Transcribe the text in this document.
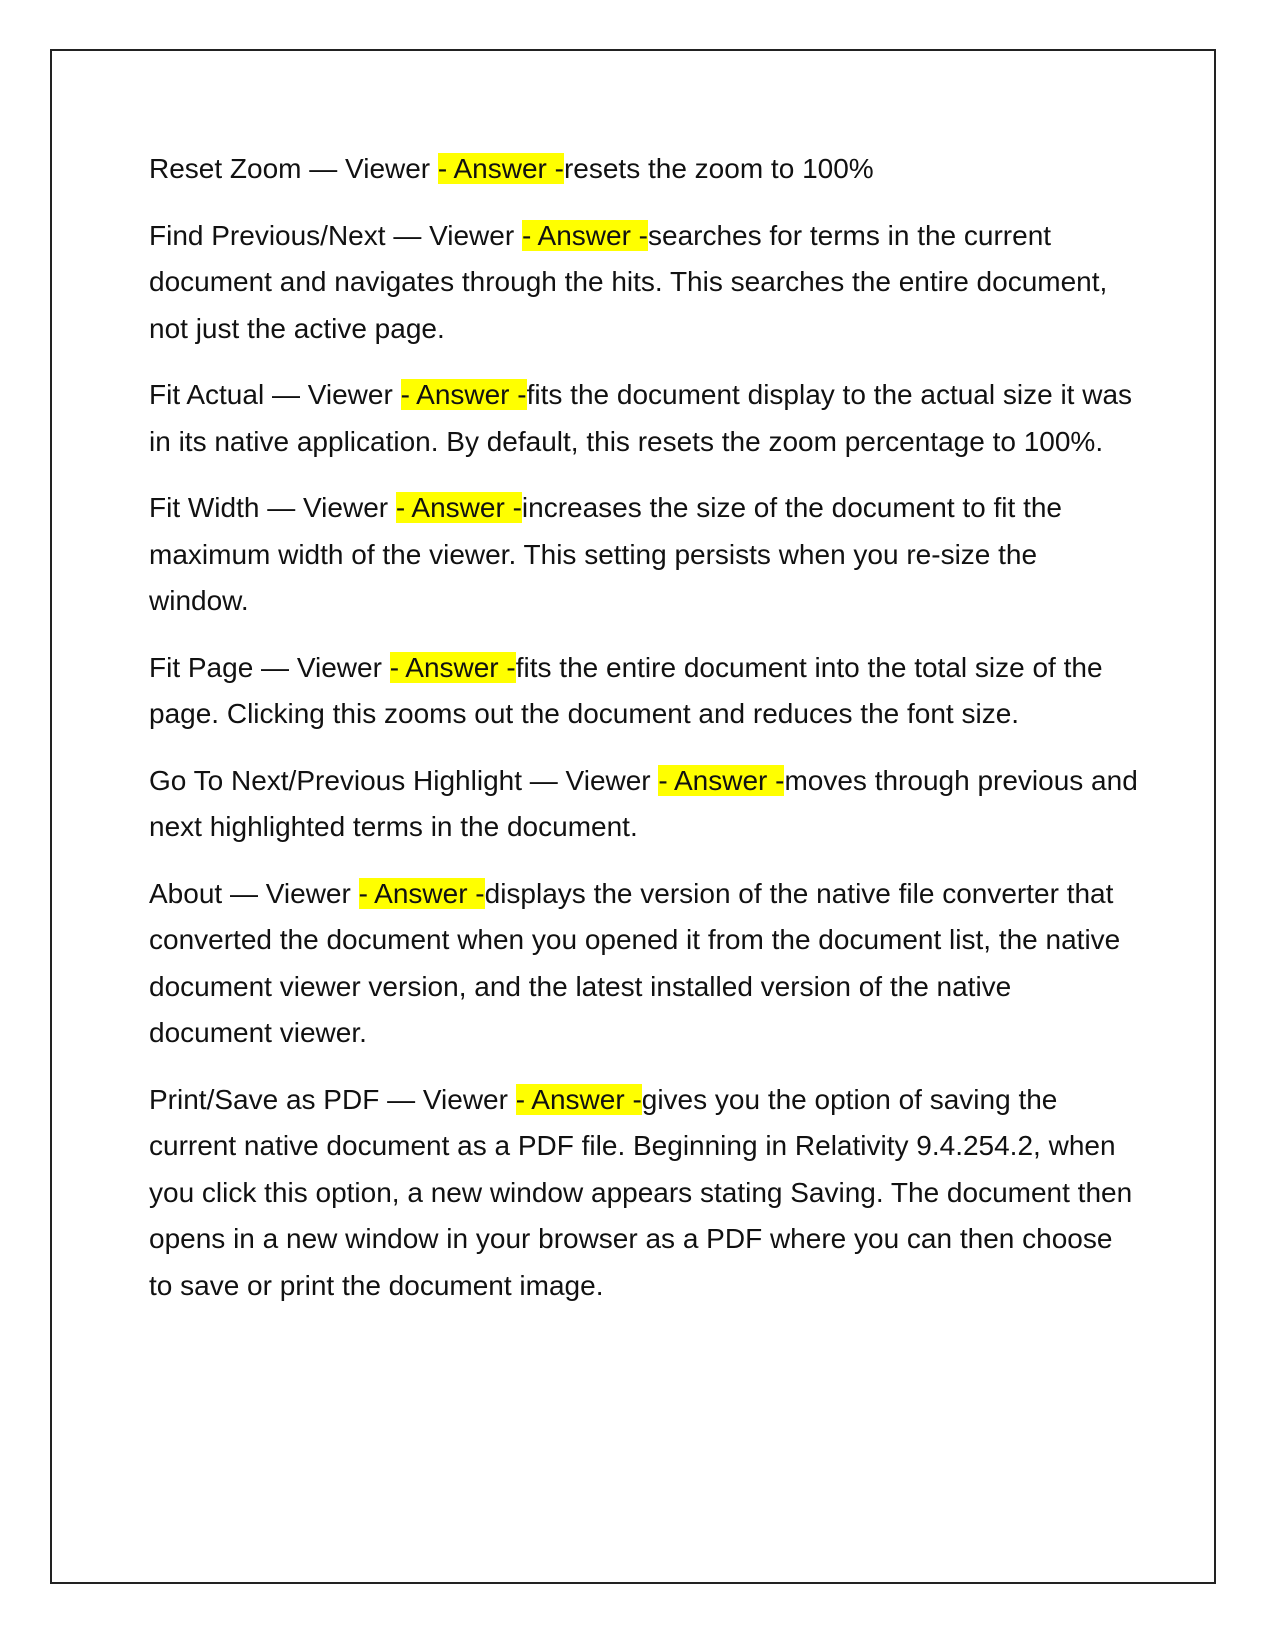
Reset Zoom — Viewer - Answer -resets the zoom to 100%

Find Previous/Next — Viewer - Answer -searches for terms in the current document and navigates through the hits. This searches the entire document, not just the active page.

Fit Actual — Viewer - Answer -fits the document display to the actual size it was in its native application. By default, this resets the zoom percentage to 100%.

Fit Width — Viewer - Answer -increases the size of the document to fit the maximum width of the viewer. This setting persists when you re-size the window.

Fit Page — Viewer - Answer -fits the entire document into the total size of the page. Clicking this zooms out the document and reduces the font size.

Go To Next/Previous Highlight — Viewer - Answer -moves through previous and next highlighted terms in the document.

About — Viewer - Answer -displays the version of the native file converter that converted the document when you opened it from the document list, the native document viewer version, and the latest installed version of the native document viewer.

Print/Save as PDF — Viewer - Answer -gives you the option of saving the current native document as a PDF file. Beginning in Relativity 9.4.254.2, when you click this option, a new window appears stating Saving. The document then opens in a new window in your browser as a PDF where you can then choose to save or print the document image.
